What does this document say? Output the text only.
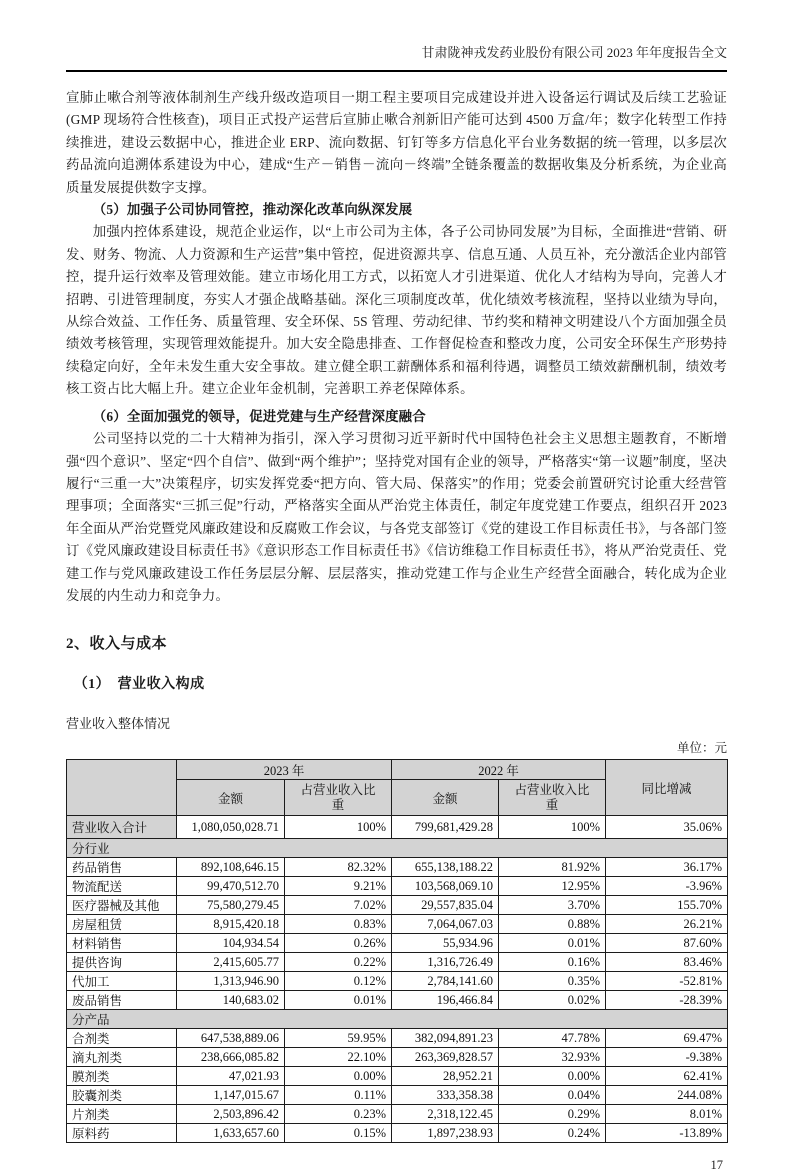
甘肃陇神戎发药业股份有限公司 2023 年年度报告全文

宣肺止嗽合剂等液体制剂生产线升级改造项目一期工程主要项目完成建设并进入设备运行调试及后续工艺验证(GMP 现场符合性核查)，项目正式投产运营后宣肺止嗽合剂新旧产能可达到 4500 万盒/年；数字化转型工作持续推进，建设云数据中心，推进企业 ERP、流向数据、钉钉等多方信息化平台业务数据的统一管理，以多层次药品流向追溯体系建设为中心，建成“生产－销售－流向－终端”全链条覆盖的数据收集及分析系统，为企业高质量发展提供数字支撑。

（5）加强子公司协同管控，推动深化改革向纵深发展

加强内控体系建设，规范企业运作，以“上市公司为主体，各子公司协同发展”为目标，全面推进“营销、研发、财务、物流、人力资源和生产运营”集中管控，促进资源共享、信息互通、人员互补，充分激活企业内部管控，提升运行效率及管理效能。建立市场化用工方式，以拓宽人才引进渠道、优化人才结构为导向，完善人才招聘、引进管理制度，夯实人才强企战略基础。深化三项制度改革，优化绩效考核流程，坚持以业绩为导向，从综合效益、工作任务、质量管理、安全环保、5S 管理、劳动纪律、节约奖和精神文明建设八个方面加强全员绩效考核管理，实现管理效能提升。加大安全隐患排查、工作督促检查和整改力度，公司安全环保生产形势持续稳定向好，全年未发生重大安全事故。建立健全职工薪酬体系和福利待遇，调整员工绩效薪酬机制，绩效考核工资占比大幅上升。建立企业年金机制，完善职工养老保障体系。

（6）全面加强党的领导，促进党建与生产经营深度融合

公司坚持以党的二十大精神为指引，深入学习贯彻习近平新时代中国特色社会主义思想主题教育，不断增强“四个意识”、坚定“四个自信”、做到“两个维护”；坚持党对国有企业的领导，严格落实“第一议题”制度，坚决履行“三重一大”决策程序，切实发挥党委“把方向、管大局、保落实”的作用；党委会前置研究讨论重大经营管理事项；全面落实“三抓三促”行动，严格落实全面从严治党主体责任，制定年度党建工作要点，组织召开 2023 年全面从严治党暨党风廉政建设和反腐败工作会议，与各党支部签订《党的建设工作目标责任书》，与各部门签订《党风廉政建设目标责任书》《意识形态工作目标责任书》《信访维稳工作目标责任书》，将从严治党责任、党建工作与党风廉政建设工作任务层层分解、层层落实，推动党建工作与企业生产经营全面融合，转化成为企业发展的内生动力和竞争力。

2、收入与成本
（1）　营业收入构成

营业收入整体情况

单位：元
	2023 年		2022 年		同比增减
	金额	占营业收入比重	金额	占营业收入比重	
营业收入合计	1,080,050,028.71	100%	799,681,429.28	100%	35.06%
分行业					
药品销售	892,108,646.15	82.32%	655,138,188.22	81.92%	36.17%
物流配送	99,470,512.70	9.21%	103,568,069.10	12.95%	-3.96%
医疗器械及其他	75,580,279.45	7.02%	29,557,835.04	3.70%	155.70%
房屋租赁	8,915,420.18	0.83%	7,064,067.03	0.88%	26.21%
材料销售	104,934.54	0.26%	55,934.96	0.01%	87.60%
提供咨询	2,415,605.77	0.22%	1,316,726.49	0.16%	83.46%
代加工	1,313,946.90	0.12%	2,784,141.60	0.35%	-52.81%
废品销售	140,683.02	0.01%	196,466.84	0.02%	-28.39%
分产品					
合剂类	647,538,889.06	59.95%	382,094,891.23	47.78%	69.47%
滴丸剂类	238,666,085.82	22.10%	263,369,828.57	32.93%	-9.38%
膜剂类	47,021.93	0.00%	28,952.21	0.00%	62.41%
胶囊剂类	1,147,015.67	0.11%	333,358.38	0.04%	244.08%
片剂类	2,503,896.42	0.23%	2,318,122.45	0.29%	8.01%
原料药	1,633,657.60	0.15%	1,897,238.93	0.24%	-13.89%
17
